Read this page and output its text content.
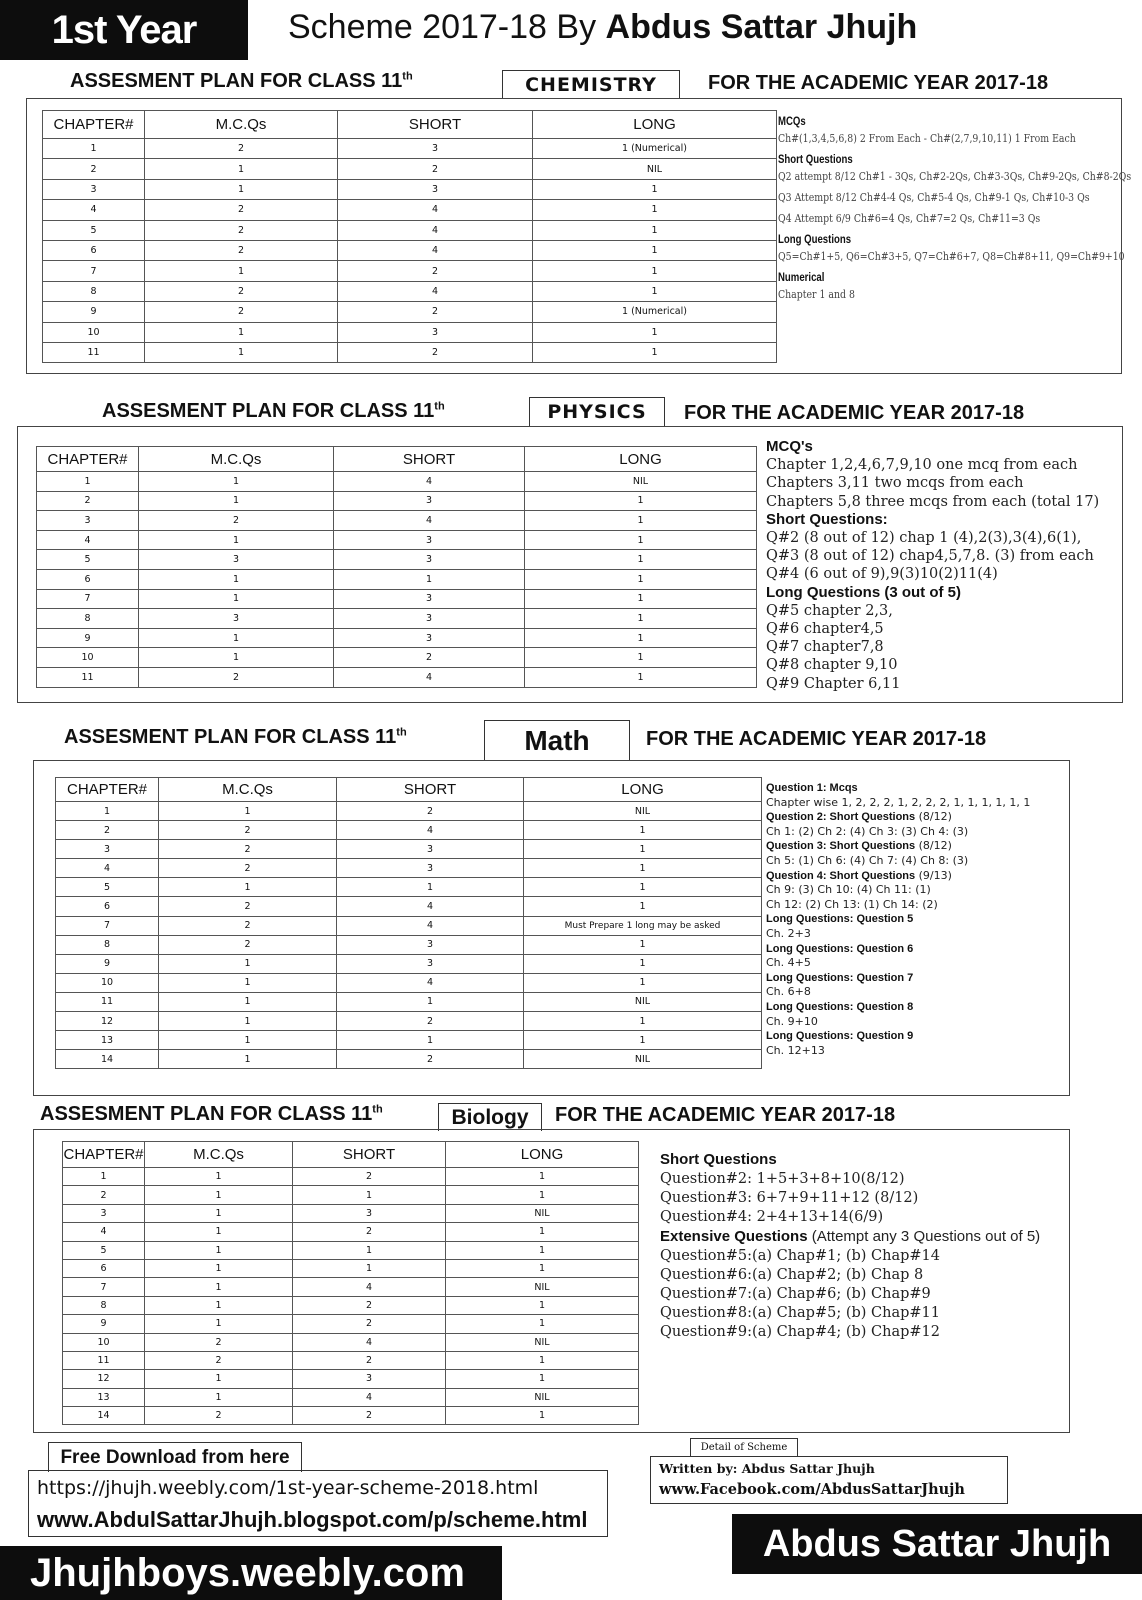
1st Year	Scheme 2017-18 By Abdus Sattar Jhujh
ASSESMENT PLAN FOR CLASS 11th	CHEMISTRY	FOR THE ACADEMIC YEAR 2017-18
CHAPTER#	M.C.Qs	SHORT	LONG
1	2	3	1 (Numerical)
2	1	2	NIL
3	1	3	1
4	2	4	1
5	2	4	1
6	2	4	1
7	1	2	1
8	2	4	1
9	2	2	1 (Numerical)
10	1	3	1
11	1	2	1
MCQs
Ch#(1,3,4,5,6,8) 2 From Each - Ch#(2,7,9,10,11) 1 From Each
Short Questions
Q2 attempt 8/12 Ch#1 - 3Qs, Ch#2-2Qs, Ch#3-3Qs, Ch#9-2Qs, Ch#8-2Qs
Q3 Attempt 8/12 Ch#4-4 Qs, Ch#5-4 Qs, Ch#9-1 Qs, Ch#10-3 Qs
Q4 Attempt 6/9 Ch#6=4 Qs, Ch#7=2 Qs, Ch#11=3 Qs
Long Questions
Q5=Ch#1+5, Q6=Ch#3+5, Q7=Ch#6+7, Q8=Ch#8+11, Q9=Ch#9+10
Numerical
Chapter 1 and 8
ASSESMENT PLAN FOR CLASS 11th	PHYSICS	FOR THE ACADEMIC YEAR 2017-18
CHAPTER#	M.C.Qs	SHORT	LONG
1	1	4	NIL
2	1	3	1
3	2	4	1
4	1	3	1
5	3	3	1
6	1	1	1
7	1	3	1
8	3	3	1
9	1	3	1
10	1	2	1
11	2	4	1
MCQ's
Chapter 1,2,4,6,7,9,10 one mcq from each
Chapters 3,11 two mcqs from each
Chapters 5,8 three mcqs from each (total 17)
Short Questions:
Q#2 (8 out of 12) chap 1 (4),2(3),3(4),6(1),
Q#3 (8 out of 12) chap4,5,7,8. (3) from each
Q#4 (6 out of 9),9(3)10(2)11(4)
Long Questions (3 out of 5)
Q#5 chapter 2,3,
Q#6 chapter4,5
Q#7 chapter7,8
Q#8 chapter 9,10
Q#9 Chapter 6,11
ASSESMENT PLAN FOR CLASS 11th	Math	FOR THE ACADEMIC YEAR 2017-18
CHAPTER#	M.C.Qs	SHORT	LONG
1	1	2	NIL
2	2	4	1
3	2	3	1
4	2	3	1
5	1	1	1
6	2	4	1
7	2	4	Must Prepare 1 long may be asked
8	2	3	1
9	1	3	1
10	1	4	1
11	1	1	NIL
12	1	2	1
13	1	1	1
14	1	2	NIL
Question 1: Mcqs
Chapter wise 1, 2, 2, 2, 1, 2, 2, 2, 1, 1, 1, 1, 1, 1
Question 2: Short Questions (8/12)
Ch 1: (2) Ch 2: (4) Ch 3: (3) Ch 4: (3)
Question 3: Short Questions (8/12)
Ch 5: (1) Ch 6: (4) Ch 7: (4) Ch 8: (3)
Question 4: Short Questions (9/13)
Ch 9: (3) Ch 10: (4) Ch 11: (1)
Ch 12: (2) Ch 13: (1) Ch 14: (2)
Long Questions: Question 5
Ch. 2+3
Long Questions: Question 6
Ch. 4+5
Long Questions: Question 7
Ch. 6+8
Long Questions: Question 8
Ch. 9+10
Long Questions: Question 9
Ch. 12+13
ASSESMENT PLAN FOR CLASS 11th	Biology	FOR THE ACADEMIC YEAR 2017-18
CHAPTER#	M.C.Qs	SHORT	LONG
1	1	2	1
2	1	1	1
3	1	3	NIL
4	1	2	1
5	1	1	1
6	1	1	1
7	1	4	NIL
8	1	2	1
9	1	2	1
10	2	4	NIL
11	2	2	1
12	1	3	1
13	1	4	NIL
14	2	2	1
Short Questions
Question#2: 1+5+3+8+10(8/12)
Question#3: 6+7+9+11+12 (8/12)
Question#4: 2+4+13+14(6/9)
Extensive Questions (Attempt any 3 Questions out of 5)
Question#5:(a) Chap#1; (b) Chap#14
Question#6:(a) Chap#2; (b) Chap 8
Question#7:(a) Chap#6; (b) Chap#9
Question#8:(a) Chap#5; (b) Chap#11
Question#9:(a) Chap#4; (b) Chap#12
Free Download from here
https://jhujh.weebly.com/1st-year-scheme-2018.html
www.AbdulSattarJhujh.blogspot.com/p/scheme.html
Detail of Scheme
Written by: Abdus Sattar Jhujh
www.Facebook.com/AbdusSattarJhujh
Abdus Sattar Jhujh
Jhujhboys.weebly.com
